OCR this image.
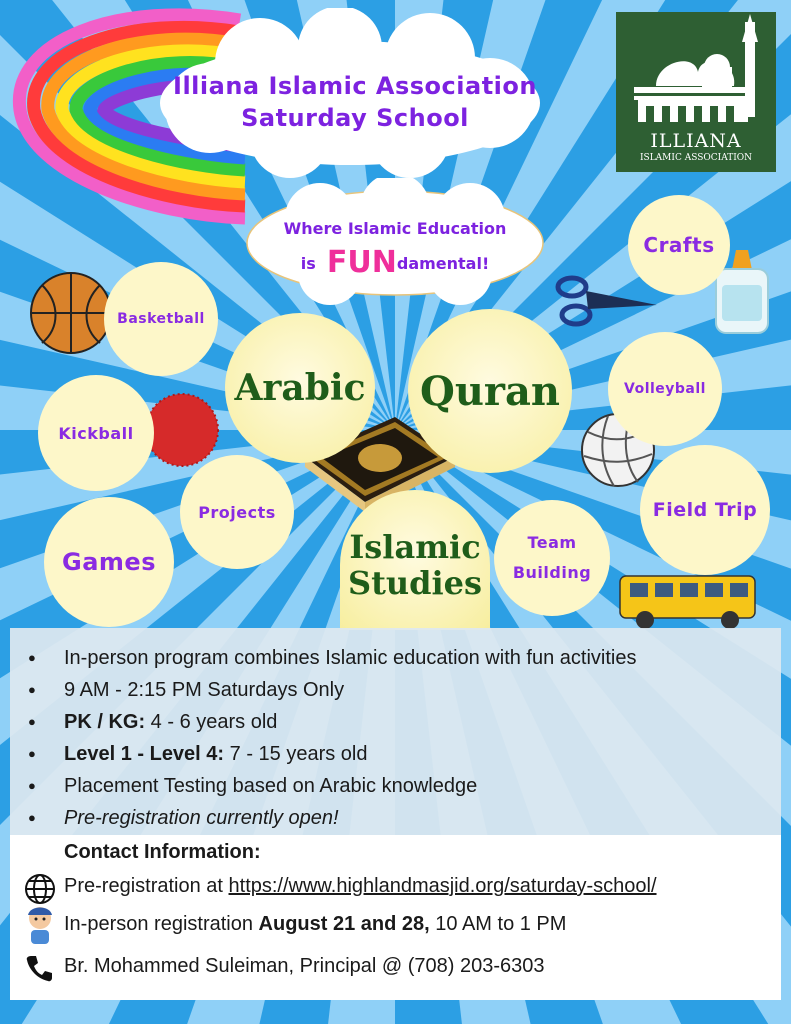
Illiana Islamic Association
Saturday School
Where Islamic Education
is FUNdamental!
ILLIANA
ISLAMIC ASSOCIATION
Arabic Quran
Islamic
Studies
Crafts
Basketball
Volleyball
Kickball
Projects	Field Trip
Games
Team
Building
● In-person program combines Islamic education with fun activities
● 9 AM - 2:15 PM Saturdays Only
● PK / KG: 4 - 6 years old
● Level 1 - Level 4: 7 - 15 years old
● Placement Testing based on Arabic knowledge
● Pre-registration currently open!
Contact Information:
Pre-registration at https://www.highlandmasjid.org/saturday-school/
In-person registration August 21 and 28, 10 AM to 1 PM
Br. Mohammed Suleiman, Principal @ (708) 203-6303
